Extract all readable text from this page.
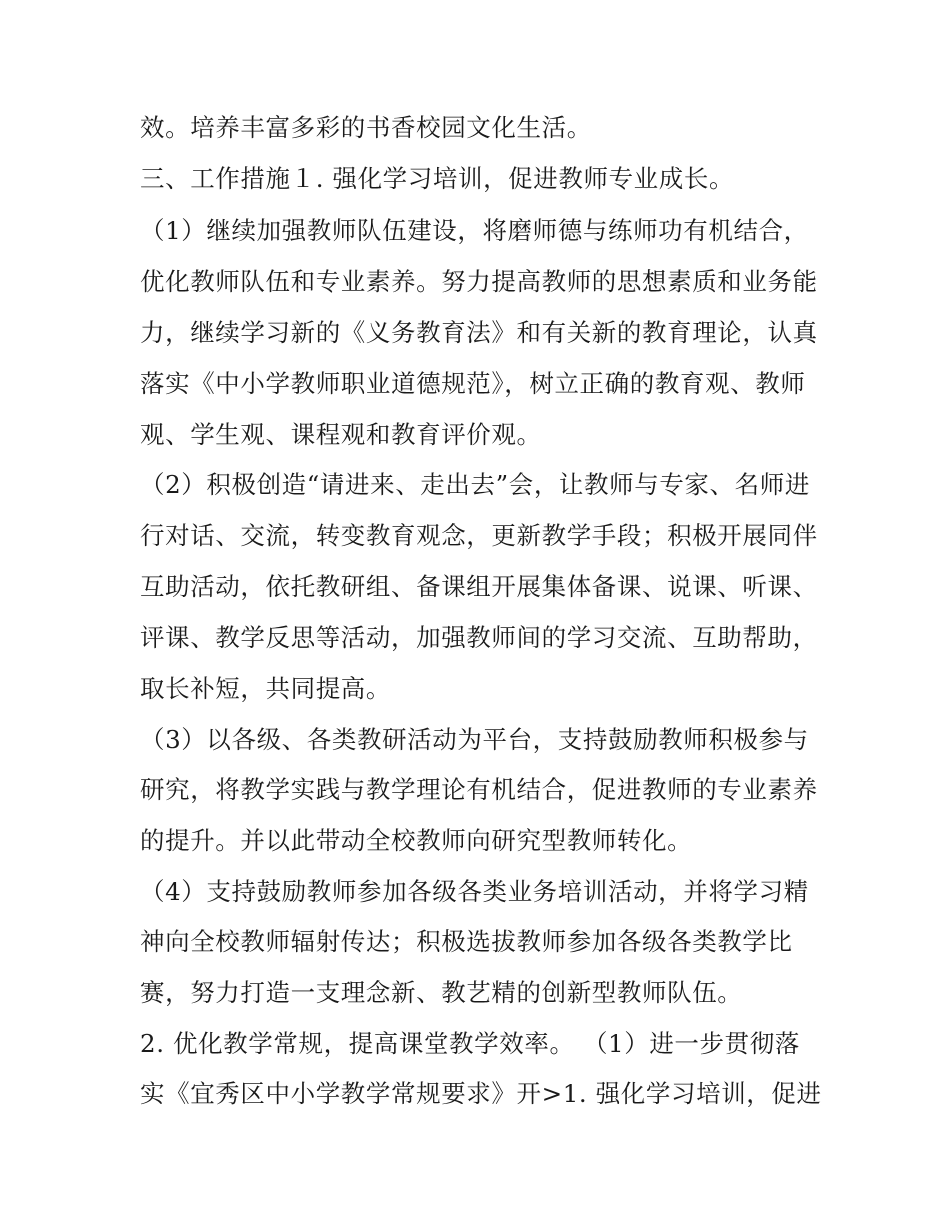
效。培养丰富多彩的书香校园文化生活。
三、工作措施１. 强化学习培训，促进教师专业成长。
（1）继续加强教师队伍建设，将磨师德与练师功有机结合，
优化教师队伍和专业素养。努力提高教师的思想素质和业务能
力，继续学习新的《义务教育法》和有关新的教育理论，认真
落实《中小学教师职业道德规范》，树立正确的教育观、教师
观、学生观、课程观和教育评价观。
（2）积极创造“请进来、走出去”会，让教师与专家、名师进
行对话、交流，转变教育观念，更新教学手段；积极开展同伴
互助活动，依托教研组、备课组开展集体备课、说课、听课、
评课、教学反思等活动，加强教师间的学习交流、互助帮助，
取长补短，共同提高。
（3）以各级、各类教研活动为平台，支持鼓励教师积极参与
研究，将教学实践与教学理论有机结合，促进教师的专业素养
的提升。并以此带动全校教师向研究型教师转化。
（4）支持鼓励教师参加各级各类业务培训活动，并将学习精
神向全校教师辐射传达；积极选拔教师参加各级各类教学比
赛，努力打造一支理念新、教艺精的创新型教师队伍。
2. 优化教学常规，提高课堂教学效率。 （1）进一步贯彻落
实《宜秀区中小学教学常规要求》开>1. 强化学习培训，促进
